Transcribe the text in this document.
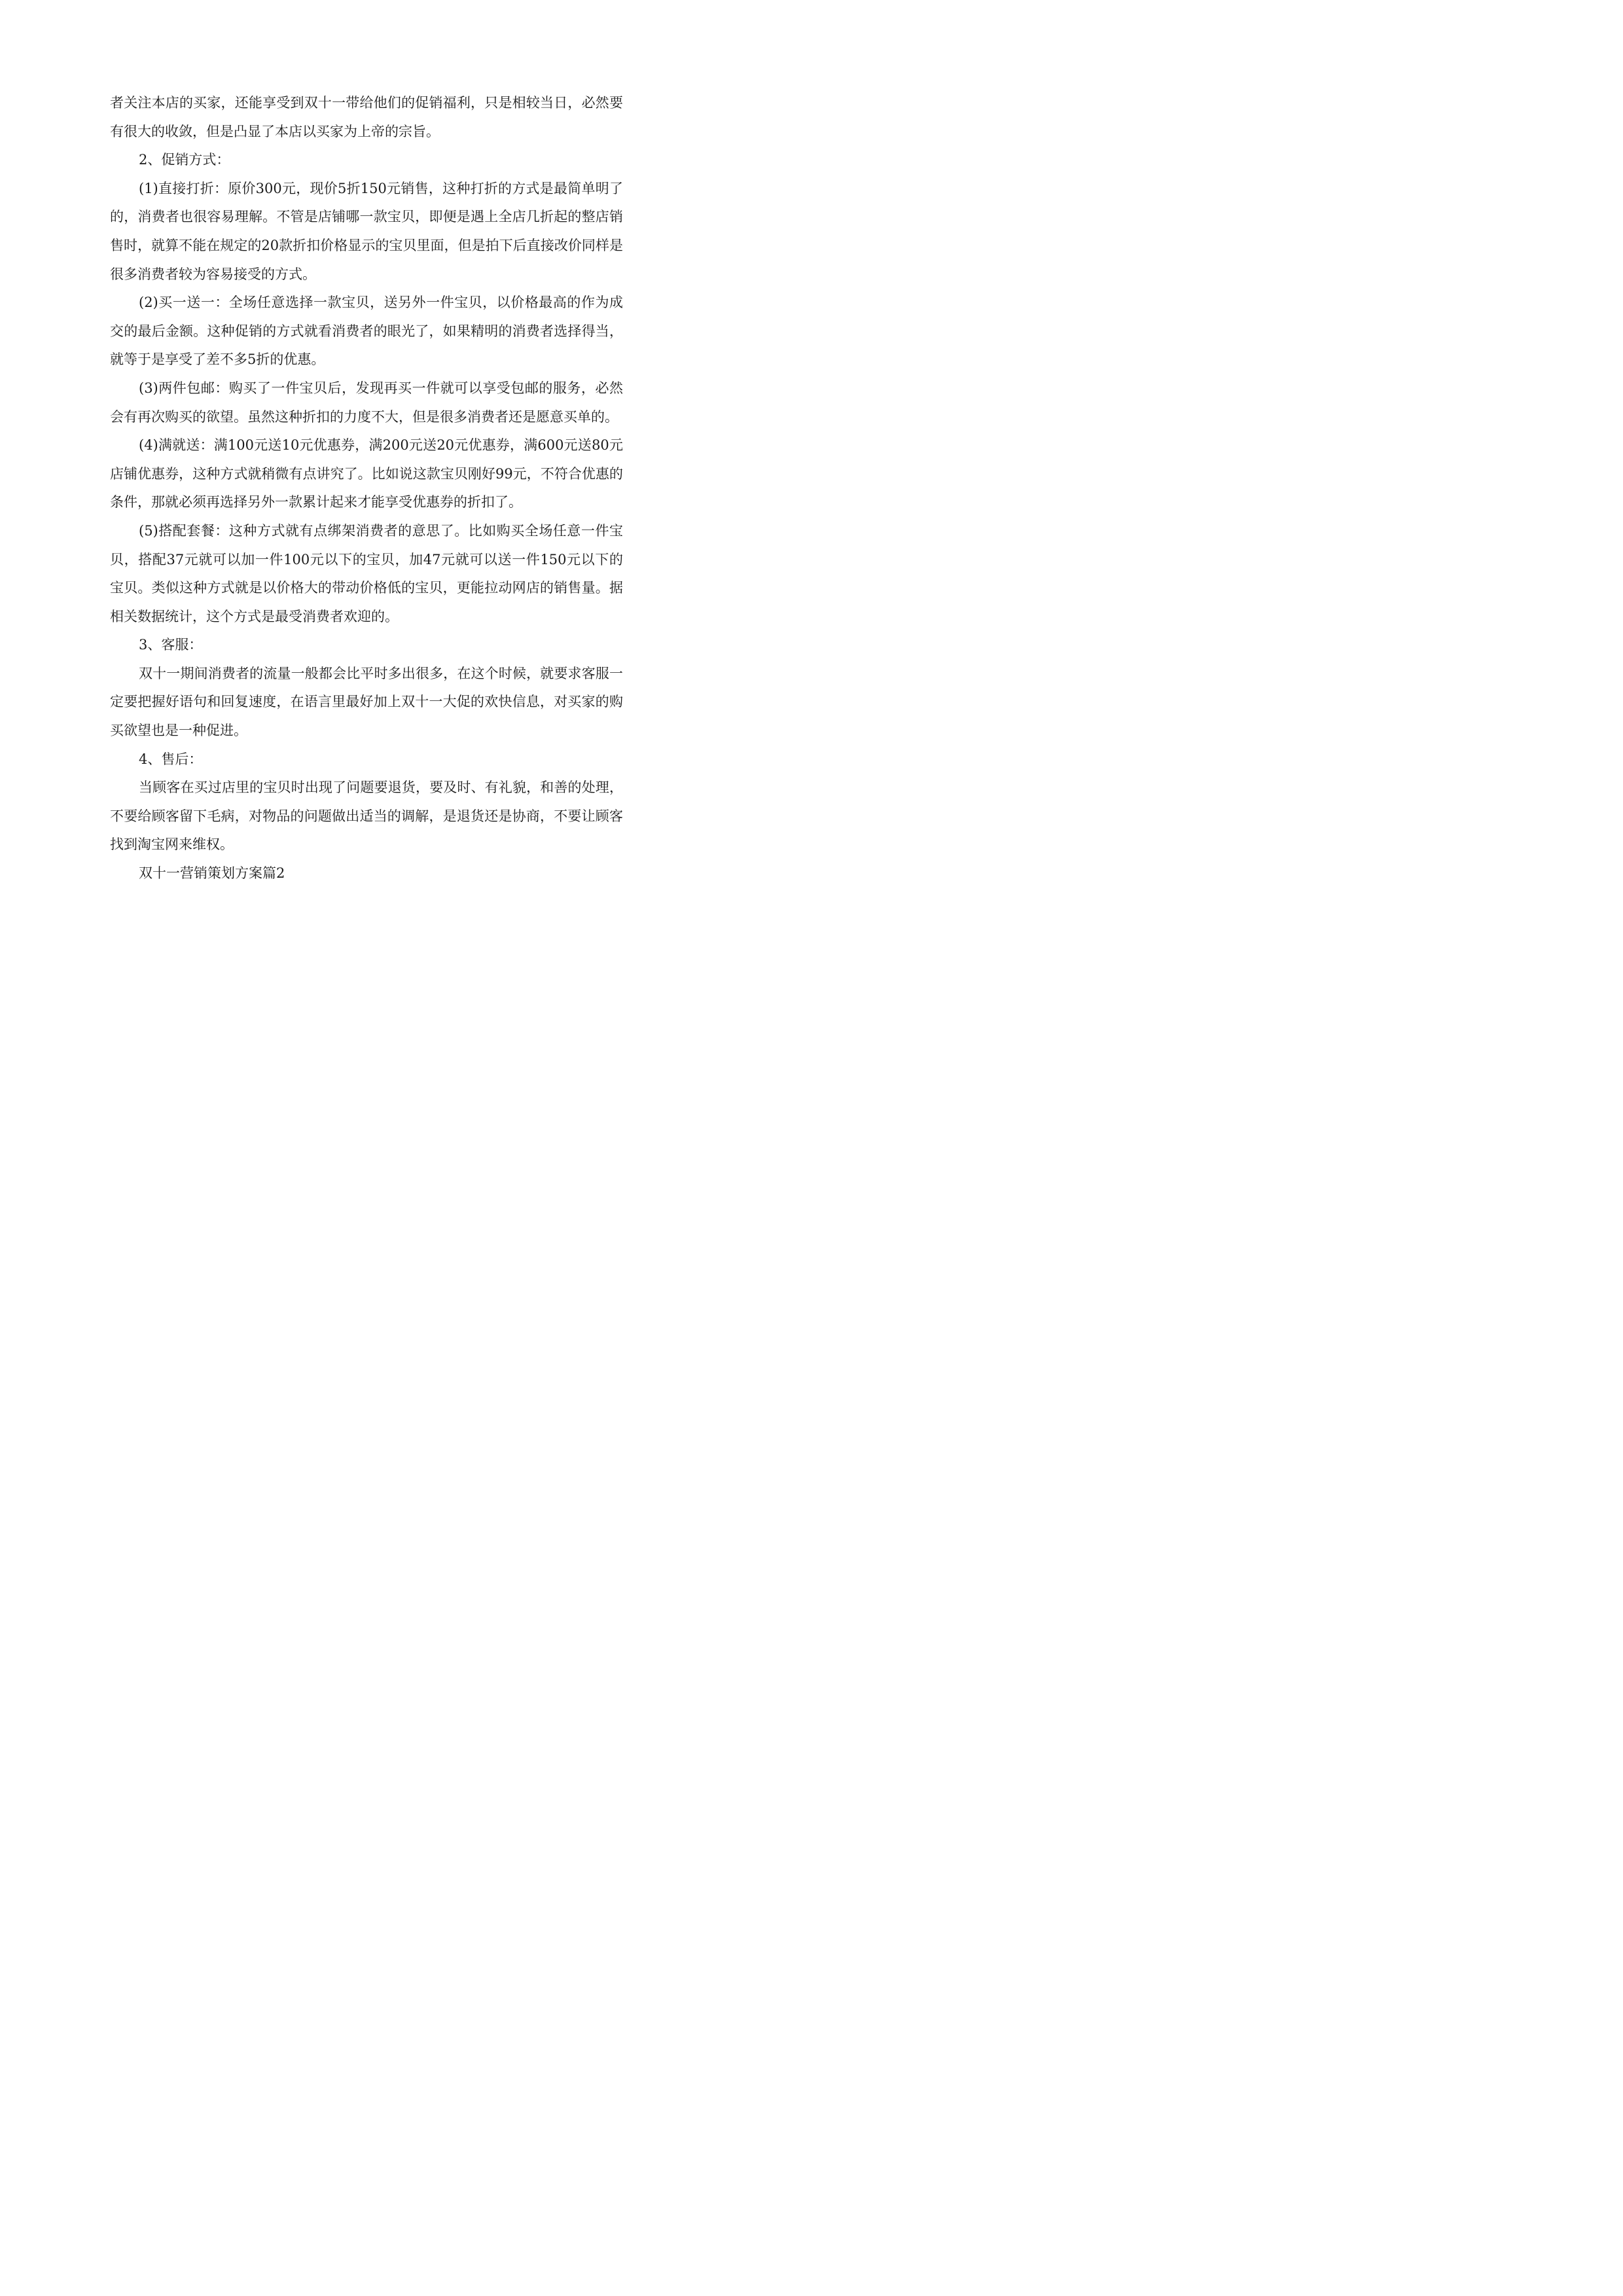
者关注本店的买家，还能享受到双十一带给他们的促销福利，只是相较当日，必然要有很大的收敛，但是凸显了本店以买家为上帝的宗旨。

2、促销方式：

(1)直接打折：原价300元，现价5折150元销售，这种打折的方式是最简单明了的，消费者也很容易理解。不管是店铺哪一款宝贝，即便是遇上全店几折起的整店销售时，就算不能在规定的20款折扣价格显示的宝贝里面，但是拍下后直接改价同样是很多消费者较为容易接受的方式。

(2)买一送一：全场任意选择一款宝贝，送另外一件宝贝，以价格最高的作为成交的最后金额。这种促销的方式就看消费者的眼光了，如果精明的消费者选择得当，就等于是享受了差不多5折的优惠。

(3)两件包邮：购买了一件宝贝后，发现再买一件就可以享受包邮的服务，必然会有再次购买的欲望。虽然这种折扣的力度不大，但是很多消费者还是愿意买单的。

(4)满就送：满100元送10元优惠券，满200元送20元优惠券，满600元送80元店铺优惠券，这种方式就稍微有点讲究了。比如说这款宝贝刚好99元，不符合优惠的条件，那就必须再选择另外一款累计起来才能享受优惠券的折扣了。

(5)搭配套餐：这种方式就有点绑架消费者的意思了。比如购买全场任意一件宝贝，搭配37元就可以加一件100元以下的宝贝，加47元就可以送一件150元以下的宝贝。类似这种方式就是以价格大的带动价格低的宝贝，更能拉动网店的销售量。据相关数据统计，这个方式是最受消费者欢迎的。

3、客服：

双十一期间消费者的流量一般都会比平时多出很多，在这个时候，就要求客服一定要把握好语句和回复速度，在语言里最好加上双十一大促的欢快信息，对买家的购买欲望也是一种促进。

4、售后：

当顾客在买过店里的宝贝时出现了问题要退货，要及时、有礼貌，和善的处理，不要给顾客留下毛病，对物品的问题做出适当的调解，是退货还是协商，不要让顾客找到淘宝网来维权。

双十一营销策划方案篇2
